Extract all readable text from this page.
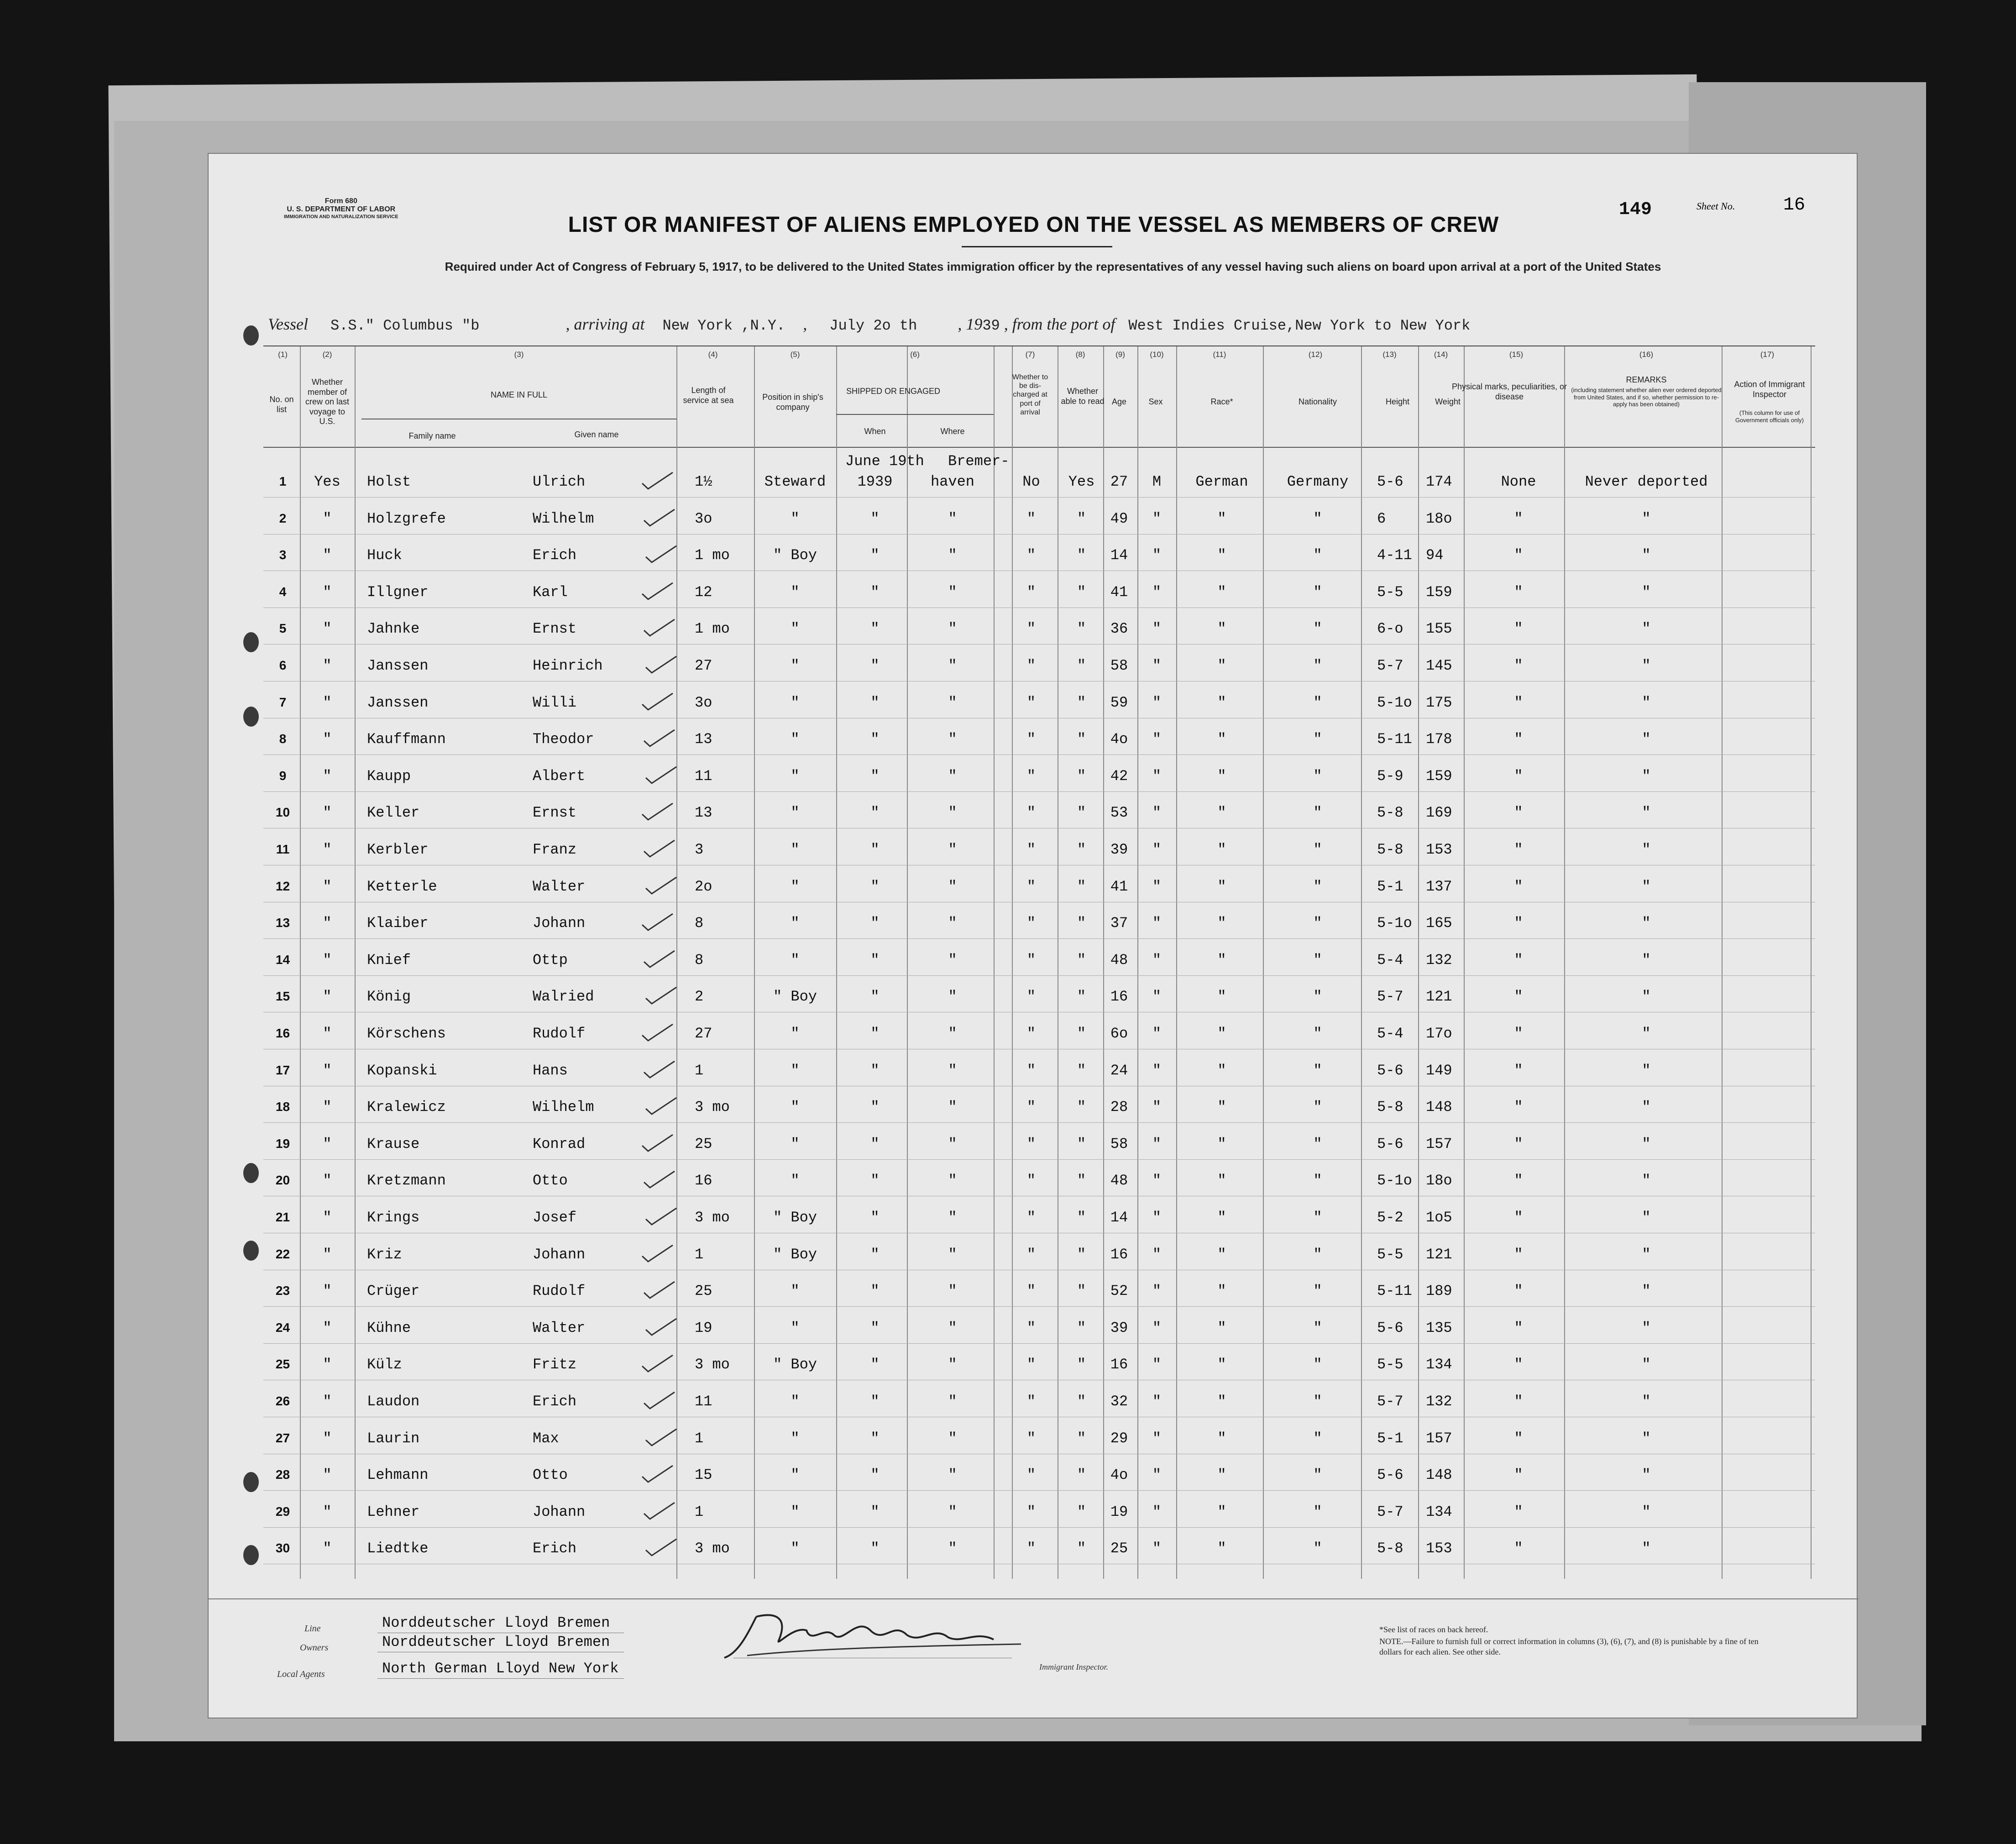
Form 680
U. S. DEPARTMENT OF LABOR
IMMIGRATION AND NATURALIZATION SERVICE	LIST OR MANIFEST OF ALIENS EMPLOYED ON THE VESSEL AS MEMBERS OF CREW
149	Sheet No.	16
Required under Act of Congress of February 5, 1917, to be delivered to the United States immigration officer by the representatives of any vessel having such aliens on board upon arrival at a port of the United States
Vessel S.S." Columbus "b	, arriving at New York ,N.Y. , July 2o th , 1939 , from the port of West Indies Cruise,New York to New York
No. on list
Whether member of crew on last voyage to U.S.
NAME IN FULL
Family name	Given name
Length of service at sea	Position in ship's company
SHIPPED OR ENGAGED
When	Where
Whether to be dis-charged at port of arrival
Whether able to read Age	Sex	Race*	Nationality	Height	Weight
Physical marks, peculiarities, or disease
REMARKS
(including statement whether alien ever ordered deported from United States, and if so, whether permission to re-apply has been obtained)
Action of Immigrant Inspector
(This column for use of Government officials only)
(1)	(2)	(3)	(4)	(5)	(6)	(7)	(8)	(9)	(10)	(11)	(12)	(13)	(14)	(15)	(16)	(17)
June 19th	Bremer-
1	Yes	Holst	Ulrich	1½	Steward	1939	haven	No	Yes	27	M	German	Germany	5-6	174	None	Never deported
2	"	Holzgrefe	Wilhelm	3o	"	"	"	"	"	49	"	"	"	6	18o	"	"
3	"	Huck	Erich	1 mo	" Boy	"	"	"	"	14	"	"	"	4-11 94	"	"
4	"	Illgner	Karl	12	"	"	"	"	"	41	"	"	"	5-5	159	"	"
5	"	Jahnke	Ernst	1 mo	"	"	"	"	"	36	"	"	"	6-o	155	"	"
6	"	Janssen	Heinrich	27	"	"	"	"	"	58	"	"	"	5-7	145	"	"
7	"	Janssen	Willi	3o	"	"	"	"	"	59	"	"	"	5-1o 175	"	"
8	"	Kauffmann	Theodor	13	"	"	"	"	"	4o	"	"	"	5-11 178	"	"
9	"	Kaupp	Albert	11	"	"	"	"	"	42	"	"	"	5-9	159	"	"
10	"	Keller	Ernst	13	"	"	"	"	"	53	"	"	"	5-8	169	"	"
11	"	Kerbler	Franz	3	"	"	"	"	"	39	"	"	"	5-8	153	"	"
12	"	Ketterle	Walter	2o	"	"	"	"	"	41	"	"	"	5-1	137	"	"
13	"	Klaiber	Johann	8	"	"	"	"	"	37	"	"	"	5-1o 165	"	"
14	"	Knief	Ottp	8	"	"	"	"	"	48	"	"	"	5-4	132	"	"
15	"	König	Walried	2	" Boy	"	"	"	"	16	"	"	"	5-7	121	"	"
16	"	Körschens	Rudolf	27	"	"	"	"	"	6o	"	"	"	5-4	17o	"	"
17	"	Kopanski	Hans	1	"	"	"	"	"	24	"	"	"	5-6	149	"	"
18	"	Kralewicz	Wilhelm	3 mo	"	"	"	"	"	28	"	"	"	5-8	148	"	"
19	"	Krause	Konrad	25	"	"	"	"	"	58	"	"	"	5-6	157	"	"
20	"	Kretzmann	Otto	16	"	"	"	"	"	48	"	"	"	5-1o 18o	"	"
21	"	Krings	Josef	3 mo	" Boy	"	"	"	"	14	"	"	"	5-2	1o5	"	"
22	"	Kriz	Johann	1	" Boy	"	"	"	"	16	"	"	"	5-5	121	"	"
23	"	Crüger	Rudolf	25	"	"	"	"	"	52	"	"	"	5-11 189	"	"
24	"	Kühne	Walter	19	"	"	"	"	"	39	"	"	"	5-6	135	"	"
25	"	Külz	Fritz	3 mo	" Boy	"	"	"	"	16	"	"	"	5-5	134	"	"
26	"	Laudon	Erich	11	"	"	"	"	"	32	"	"	"	5-7	132	"	"
27	"	Laurin	Max	1	"	"	"	"	"	29	"	"	"	5-1	157	"	"
28	"	Lehmann	Otto	15	"	"	"	"	"	4o	"	"	"	5-6	148	"	"
29	"	Lehner	Johann	1	"	"	"	"	"	19	"	"	"	5-7	134	"	"
30	"	Liedtke	Erich	3 mo	"	"	"	"	"	25	"	"	"	5-8	153	"	"
Line	Norddeutscher Lloyd Bremen
Owners	Norddeutscher Lloyd Bremen
Local Agents	North German Lloyd New York	Immigrant Inspector.
*See list of races on back hereof.
NOTE.—Failure to furnish full or correct information in columns (3), (6), (7), and (8) is punishable by a fine of ten dollars for each alien. See other side.
